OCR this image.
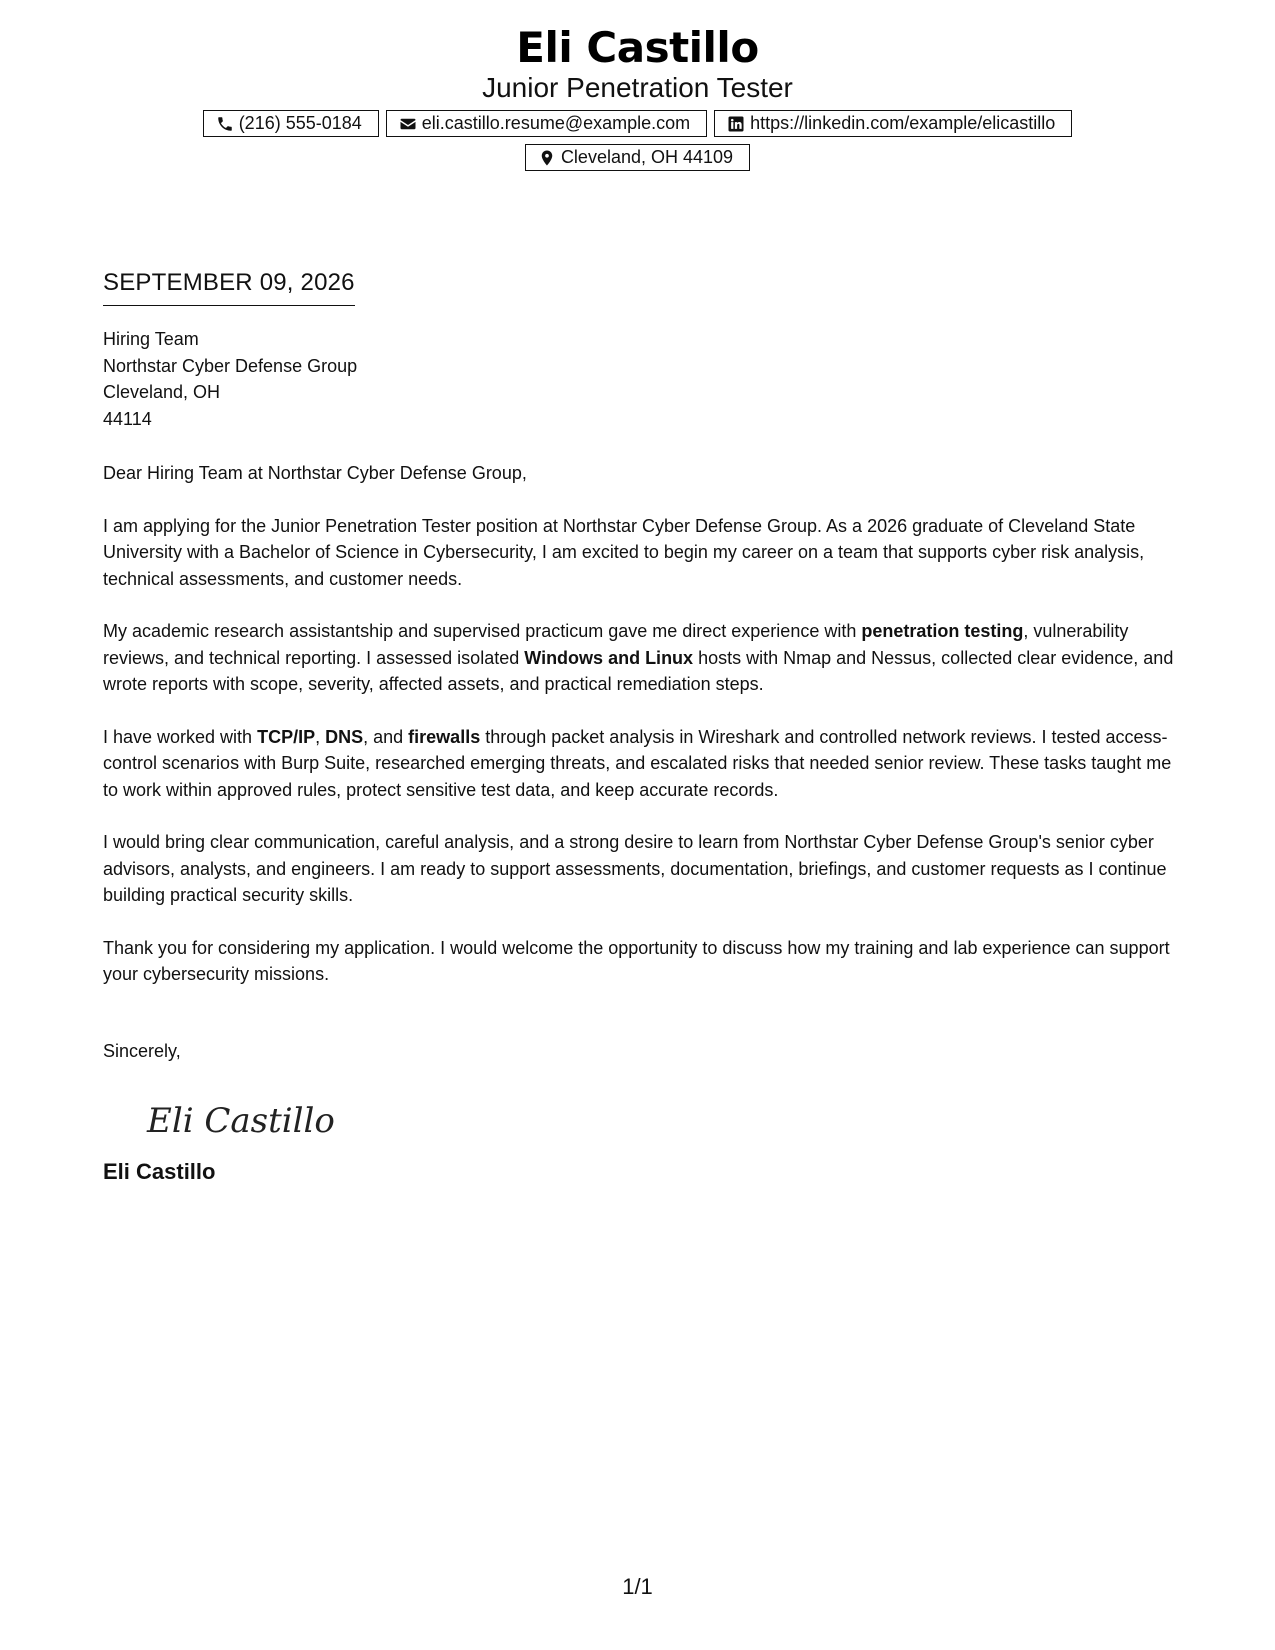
Eli Castillo
Junior Penetration Tester
(216) 555-0184	eli.castillo.resume@example.com	https://linkedin.com/example/elicastillo
Cleveland, OH 44109
SEPTEMBER 09, 2026
Hiring Team
Northstar Cyber Defense Group
Cleveland, OH
44114
Dear Hiring Team at Northstar Cyber Defense Group,

I am applying for the Junior Penetration Tester position at Northstar Cyber Defense Group. As a 2026 graduate of Cleveland State University with a Bachelor of Science in Cybersecurity, I am excited to begin my career on a team that supports cyber risk analysis, technical assessments, and customer needs.

My academic research assistantship and supervised practicum gave me direct experience with penetration testing, vulnerability reviews, and technical reporting. I assessed isolated Windows and Linux hosts with Nmap and Nessus, collected clear evidence, and wrote reports with scope, severity, affected assets, and practical remediation steps.

I have worked with TCP/IP, DNS, and firewalls through packet analysis in Wireshark and controlled network reviews. I tested access-control scenarios with Burp Suite, researched emerging threats, and escalated risks that needed senior review. These tasks taught me to work within approved rules, protect sensitive test data, and keep accurate records.

I would bring clear communication, careful analysis, and a strong desire to learn from Northstar Cyber Defense Group's senior cyber advisors, analysts, and engineers. I am ready to support assessments, documentation, briefings, and customer requests as I continue building practical security skills.

Thank you for considering my application. I would welcome the opportunity to discuss how my training and lab experience can support your cybersecurity missions.

Sincerely,
Eli Castillo
Eli Castillo
1/1
